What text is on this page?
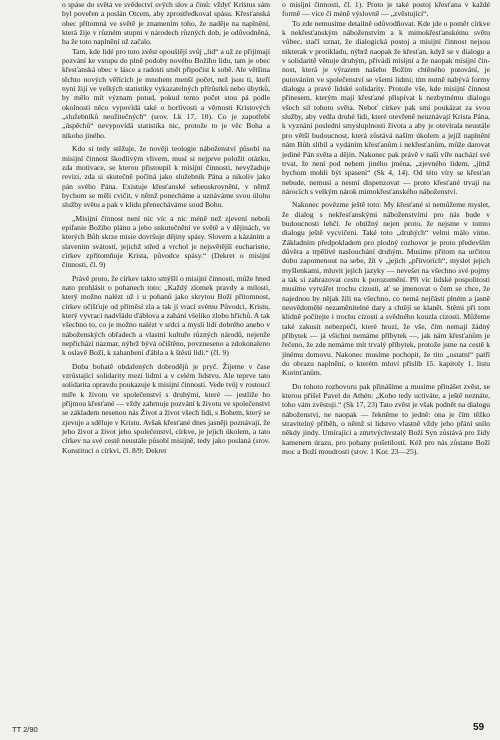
o spáse do světa ve svědectví svých slov a činů: vždyť Kristus sám byl poveřen a poslán Otcem, aby zprostředkoval spásu. Křesťanská obec přítomná ve světě je znamením toho, že naděje na naplnění, která žije v různém stupni v národech různých dob, je odůvodněná, ba že toto naplnění už začalo.

Tam, kde lidé pro tuto zvěst opouštějí svůj „lid“ a už ze přijímají pozvání ke vstupu do plně podoby nového Božího lidu, tam je obec křesťanská obec v lásce a radosti smět připočíst k sobě. Ale většina těchto nových věřících je mnohem menší počet, než jsou ti, kteří nyní žijí ve velkých statistiky vykazatelných přírůstků nebo úbytků, by mělo mít význam potud, pokud tento počet stou pá podle okolností něco vypovídá také o horlivosti a věrnosti Kristových „služebníků neužitečných“ (srov. Lk 17, 10). Co je zapotřebí „úspěchů“ nevypovídá statistika nic, protože to je věc Boha a nikoho jiného.

Kdo si tedy stěžuje, že nověji teologie náboženství působí na misijní činnost škodlivým vlivem, musí si nejprve položit otázku, zda motivace, se kterou přistoupil k misijní činnosti, nevyžaduje revizi, zda si skutečně počíná jako služebník Pána a nikoliv jako pán svého Pána. Existuje křesťanské sebeuskrovnění, v němž bychom se měli cvičit, v němž ponecháme a uznáváme svou úlohu služby světu a pak v klidu přenecháváme soud Bohu.

„Misijní činnost není nic víc a nic méně než zjevení neboli epifanie Božího plánu a jeho uskutečnění ve světě a v dějinách, ve kterých Bůh skrze misie dovršuje dějiny spásy. Slovem a kázáním a slavením svátostí, jejichž střed a vrchol je nejsvětější eucharistie, církev zpřítomňuje Krista, původce spásy.“ (Dekret o misijní činnosti, čl. 9)

Právě proto, že církev takto smýšlí o misijní činnosti, může hned nato prohlásit o pohanech toto: „Každý zlomek pravdy a milosti, který možno nalézt už i u pohanů jako skrytou Boží přítomnost, církev očišťuje od příměsí zla a tak ji vrací svému Původci, Kristu, který vyvrací nadvládu ďáblova a zahání všeliko zlobu hříchů. A tak všechno to, co je možno nalézt v srdci a mysli lidí dobrého anebo v náboženských obřadech a vlastní kultuře různých národů, nejenže nepřichází nazmar, nýbrž bývá očištěno, povzneseno a zdokonaleno k oslavě Boží, k zahanbení ďábla a k štěstí lidí.“ (čl. 9)

Doba bohatě obdařených dobrodějů je pryč. Žijeme v čase vzrůstající solidarity mezi lidmi a v celém lidstvu. Ale teprve tato solidarita opravdu poukazuje k misijní činnosti. Vede tvůj v rostoucí míře k životu ve společenství s druhými, které — jestliže ho přijmou křesťané — vždy zahrnuje pozvání k životu ve společenství se základem nesenou nás Život a život všech lidí, s Bohem, který se zjevuje a sděluje v Kristu. Avšak křesťané dnes jasněji poznávají, že jeho život a život jeho společenství, církve, je jejich úkolem, a tato církev na své cestě neustále působí misijně, tedy jako poslaná (srov. Konstituci o církvi, čl. 8/9; Dekret

o misijní činnosti, čl. 1). Proto je také postoj křesťana v každé formě — více či méně výslovně — „zvěstující“.

To zde nemusíme detailně odůvodňovat. Kde jde o poměr církve k nekřesťanským náboženstvím a k mimokřesťanskému světu vůbec, stačí uznat, že dialogická postoj a misijní činnost nejsou nikterak v protikladu, nýbrž naopak že křesťan, když se v dialogu a v solidaritě věnuje druhým, přivádí misijní a že naopak misijní činnost, která je výrazem našeho Božím chtěného putování, je putováním ve společenství se všemi lidmi; tím nutně nabývá formy dialogu a pravé lidské solidarity. Protože vše, kde misijní činnost přinesem, kterým mají křesťané přispívat k nezbytnému dialogu všech sil tohoto světa. Neboť církev pak smí poukázat za svou služby, aby vedla druhé lidi, které otevřeně neuznávají Krista Pána, k vyznání poslední smysluplnosti života a aby je otevírala neustále pro větší budoucnost, která zůstává naším úkolem a jejíž naplnění nám Bůh slíbil a vydáním křesťanům i nekřesťanům, může darovat jediné Pán světa a dějin. Nakonec pak právě v naší víře nachází své trvat, že není pod nebem jiného jména, „zjevného lidem, „jímž bychom mohli být spaseni“ (Sk 4, 14). Od této víry se křesťan nebude, nemusí a nesmí dispenzovat — proto křesťané trvají na nárocích s velkým nárok mimokřesťanského náboženství.

Nakonec povězme ještě toto: My křesťané si nemůžeme myslet, že dialog s nekřesťanskými náboženstvími pro nás bude v budoucnosti lehčí. Je obtížný nejen proto, že nejsme v tomto dialogu ještě vycvičeni. Také toto „druhých“ velmi málo víme. Základním předpokladem pro plodný rozhovor je proto především důvěra a trpělivé naslouchání druhým. Musíme přitom na určitou dobu zapomenout na sebe, žít v „jejich „přítvorích“, myslet jejich myšlenkami, mluvit jejich jazyky — nevešet na všechno své pojmy a tak si zahrazovat cestu k porozumění. Při víc lidské pospolitosti musíme vytvářet trochu cizosti, ať se jmenovat o čem se chce, že najednou by nějak žili na všechno, co nemá nejčásti plném a jasně neuvědomělé nezaměnitelné dary a chtějí se klanět. Stěmi při tom klidně počítejte i trochu cizosti a svědného kouzla cizosti. Můžeme také zakusit nebezpečí, které hrozí, že vše, čím nemají žádný příbytek — já všichni nemáme příbytek —, jak nám křesťanům je řečeno, že zde nemáme mít trvalý příbytek, protože jsme na cestě k jinému domovu. Nakonec musíme pochopit, že tito „ostatní“ patří do obrazu naplnění, o kterém mluví příslib 15. kapitoly 1. listu Korinťanům.

Do tohoto rozhovoru pak přinášíme a musíme přinášet zvěst, se kterou přišel Pavel do Athén: „Koho tedy uctíváte, a ještě neznáte, toho vám zvěstuji.“ (Sk 17, 23) Tato zvěst je však podnět na dialogu náboženství, ne naopak — řekněme to jedně: ona je čím těžko stravitelný příběh, o němž si lidstvo vlastně vždy jeho přání snílo někdy jindy. Umírající a zmrtvýchvstalý Boží Syn zůstává pro židy kamenem úrazu, pro pohany pošetilostí. Kéž pro nás zůstane Boží moc a Boží moudrostí (srov. 1 Kor. 23—25).

TT 2/90	59
